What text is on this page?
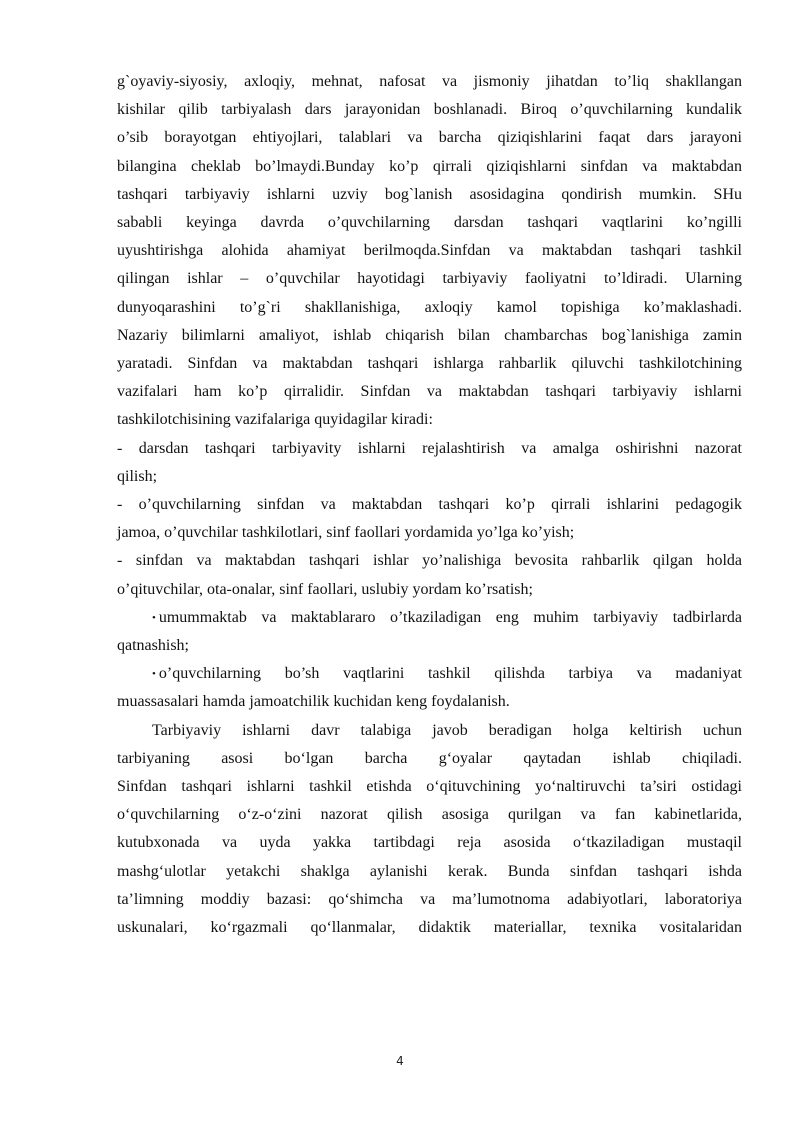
g`oyaviy-siyosiy, axloqiy, mehnat, nafosat va jismoniy jihatdan to’liq shakllangan
kishilar qilib tarbiyalash dars jarayonidan boshlanadi. Biroq o’quvchilarning kundalik
o’sib borayotgan ehtiyojlari, talablari va barcha qiziqishlarini faqat dars jarayoni
bilangina cheklab bo’lmaydi.Bunday ko’p qirrali qiziqishlarni sinfdan va maktabdan
tashqari tarbiyaviy ishlarni uzviy bog`lanish asosidagina qondirish mumkin. SHu
sababli keyinga davrda o’quvchilarning darsdan tashqari vaqtlarini ko’ngilli
uyushtirishga alohida ahamiyat berilmoqda.Sinfdan va maktabdan tashqari tashkil
qilingan ishlar – o’quvchilar hayotidagi tarbiyaviy faoliyatni to’ldiradi. Ularning
dunyoqarashini to’g`ri shakllanishiga, axloqiy kamol topishiga ko’maklashadi.
Nazariy bilimlarni amaliyot, ishlab chiqarish bilan chambarchas bog`lanishiga zamin
yaratadi. Sinfdan va maktabdan tashqari ishlarga rahbarlik qiluvchi tashkilotchining
vazifalari ham ko’p qirralidir. Sinfdan va maktabdan tashqari tarbiyaviy ishlarni
tashkilotchisining vazifalariga quyidagilar kiradi:
- darsdan tashqari tarbiyavity ishlarni rejalashtirish va amalga oshirishni nazorat
qilish;
- o’quvchilarning sinfdan va maktabdan tashqari ko’p qirrali ishlarini pedagogik
jamoa, o’quvchilar tashkilotlari, sinf faollari yordamida yo’lga ko’yish;
- sinfdan va maktabdan tashqari ishlar yo’nalishiga bevosita rahbarlik qilgan holda
o’qituvchilar, ota-onalar, sinf faollari, uslubiy yordam ko’rsatish;
• umummaktab va maktablararo o’tkaziladigan eng muhim tarbiyaviy tadbirlarda
qatnashish;
• o’quvchilarning bo’sh vaqtlarini tashkil qilishda tarbiya va madaniyat
muassasalari hamda jamoatchilik kuchidan keng foydalanish.
Tarbiyaviy ishlarni davr talabiga javob beradigan holga keltirish uchun
tarbiyaning asosi bo‘lgan barcha g‘oyalar qaytadan ishlab chiqiladi.
Sinfdan tashqari ishlarni tashkil etishda o‘qituvchining yo‘naltiruvchi ta’siri ostidagi
o‘quvchilarning o‘z-o‘zini nazorat qilish asosiga qurilgan va fan kabinetlarida,
kutubxonada va uyda yakka tartibdagi reja asosida o‘tkaziladigan mustaqil
mashg‘ulotlar yetakchi shaklga aylanishi kerak. Bunda sinfdan tashqari ishda
ta’limning moddiy bazasi: qo‘shimcha va ma’lumotnoma adabiyotlari, laboratoriya
uskunalari, ko‘rgazmali qo‘llanmalar, didaktik materiallar, texnika vositalaridan
4
